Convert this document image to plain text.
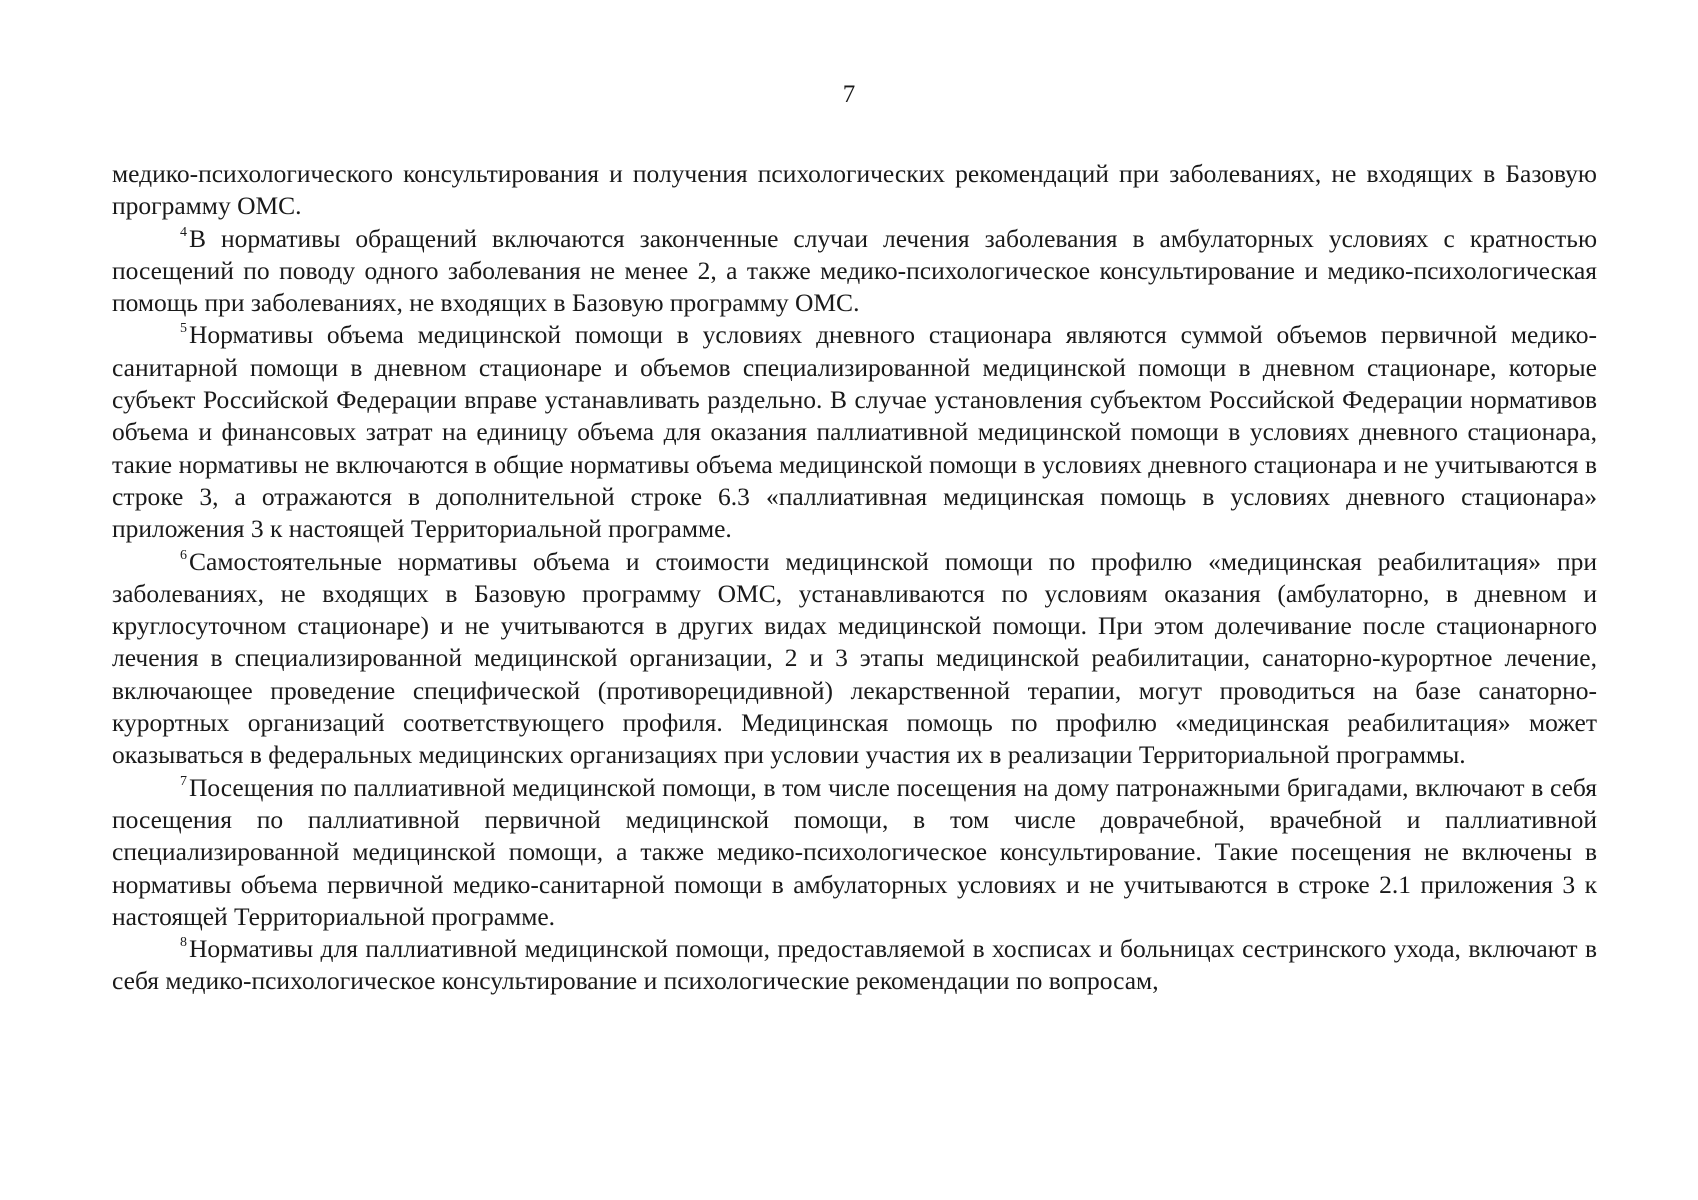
7

медико-психологического консультирования и получения психологических рекомендаций при заболеваниях, не входящих в Базовую программу ОМС.

$^4$В нормативы обращений включаются законченные случаи лечения заболевания в амбулаторных условиях с кратностью посещений по поводу одного заболевания не менее 2, а также медико-психологическое консультирование и медико-психологическая помощь при заболеваниях, не входящих в Базовую программу ОМС.

$^5$Нормативы объема медицинской помощи в условиях дневного стационара являются суммой объемов первичной медико-санитарной помощи в дневном стационаре и объемов специализированной медицинской помощи в дневном стационаре, которые субъект Российской Федерации вправе устанавливать раздельно. В случае установления субъектом Российской Федерации нормативов объема и финансовых затрат на единицу объема для оказания паллиативной медицинской помощи в условиях дневного стационара, такие нормативы не включаются в общие нормативы объема медицинской помощи в условиях дневного стационара и не учитываются в строке 3, а отражаются в дополнительной строке 6.3 «паллиативная медицинская помощь в условиях дневного стационара» приложения 3 к настоящей Территориальной программе.

$^6$Самостоятельные нормативы объема и стоимости медицинской помощи по профилю «медицинская реабилитация» при заболеваниях, не входящих в Базовую программу ОМС, устанавливаются по условиям оказания (амбулаторно, в дневном и круглосуточном стационаре) и не учитываются в других видах медицинской помощи. При этом долечивание после стационарного лечения в специализированной медицинской организации, 2 и 3 этапы медицинской реабилитации, санаторно-курортное лечение, включающее проведение специфической (противорецидивной) лекарственной терапии, могут проводиться на базе санаторно-курортных организаций соответствующего профиля. Медицинская помощь по профилю «медицинская реабилитация» может оказываться в федеральных медицинских организациях при условии участия их в реализации Территориальной программы.

$^7$Посещения по паллиативной медицинской помощи, в том числе посещения на дому патронажными бригадами, включают в себя посещения по паллиативной первичной медицинской помощи, в том числе доврачебной, врачебной и паллиативной специализированной медицинской помощи, а также медико-психологическое консультирование. Такие посещения не включены в нормативы объема первичной медико-санитарной помощи в амбулаторных условиях и не учитываются в строке 2.1 приложения 3 к настоящей Территориальной программе.

$^8$Нормативы для паллиативной медицинской помощи, предоставляемой в хосписах и больницах сестринского ухода, включают в себя медико-психологическое консультирование и психологические рекомендации по вопросам,
